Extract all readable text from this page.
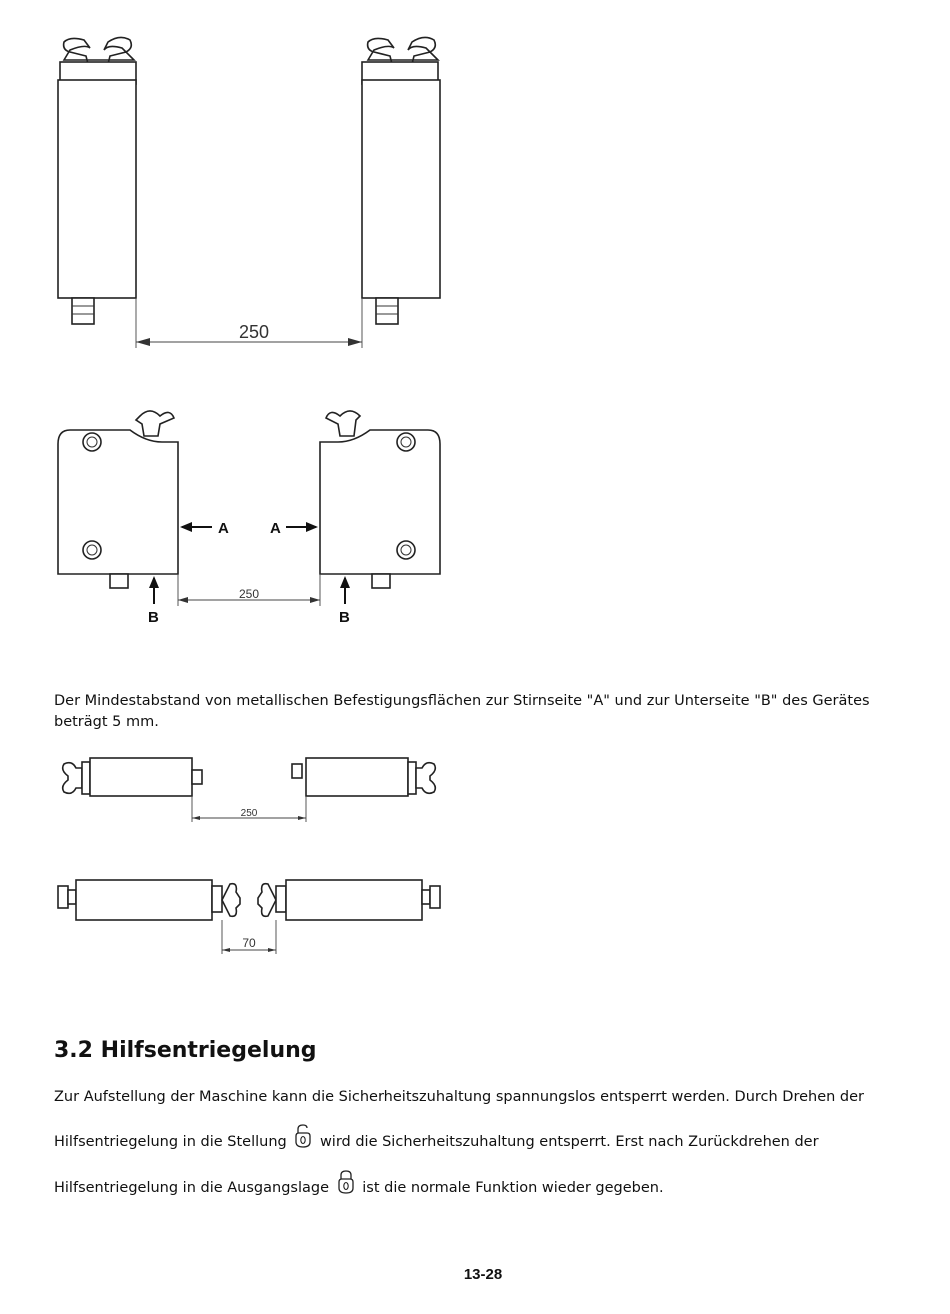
250
250
A	A
B	B

Der Mindestabstand von metallischen Befestigungsflächen zur Stirnseite "A" und zur Unterseite "B" des Gerätes beträgt 5 mm.

250
70
3.2 Hilfsentriegelung

Zur Aufstellung der Maschine kann die Sicherheitszuhaltung spannungslos entsperrt werden. Durch Drehen der

Hilfsentriegelung in die Stellung wird die Sicherheitszuhaltung entsperrt. Erst nach Zurückdrehen der

Hilfsentriegelung in die Ausgangslage ist die normale Funktion wieder gegeben.

13-28
